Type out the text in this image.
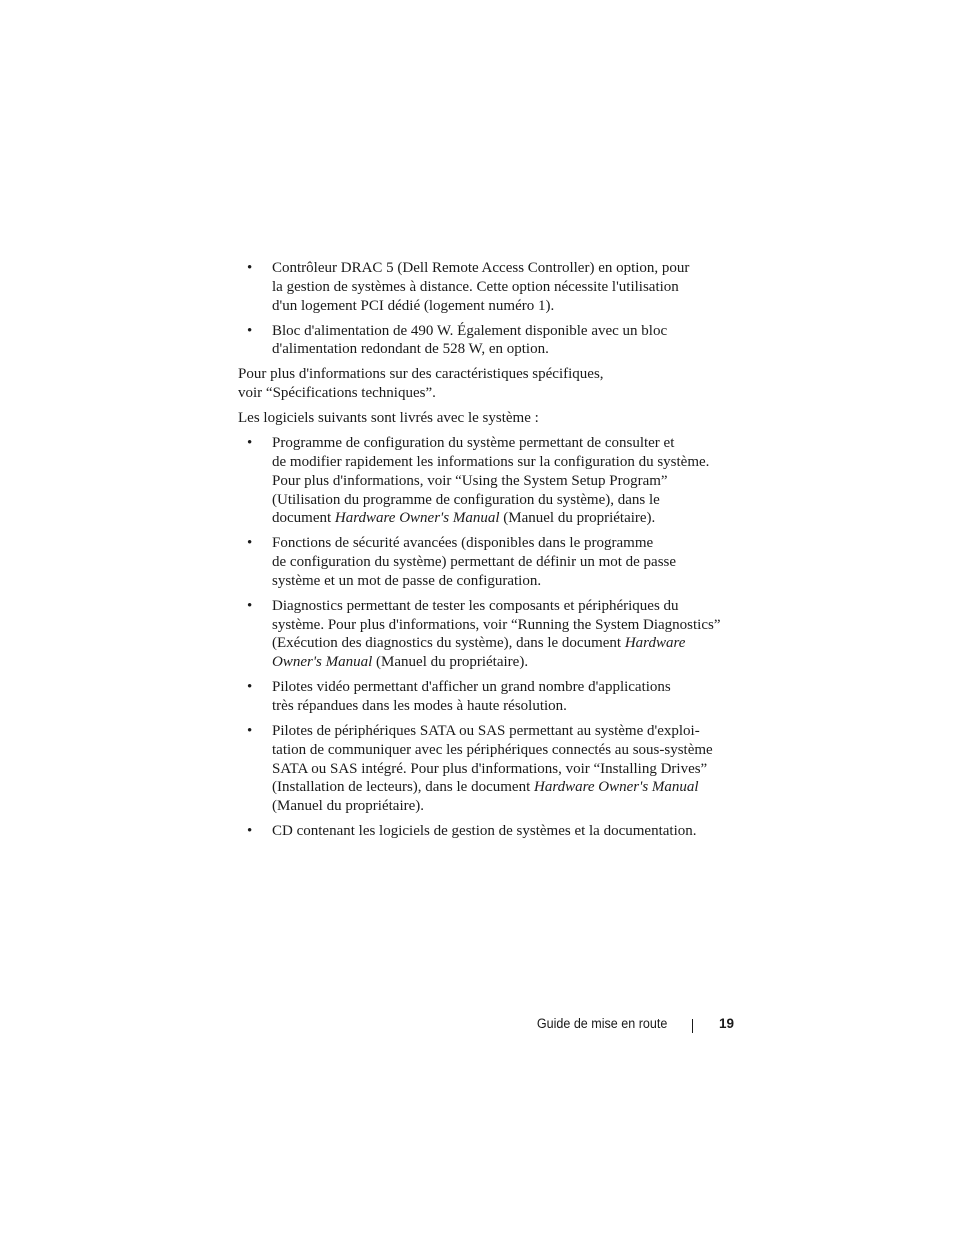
• Contrôleur DRAC 5 (Dell Remote Access Controller) en option, pour
la gestion de systèmes à distance. Cette option nécessite l'utilisation
d'un logement PCI dédié (logement numéro 1).
• Bloc d'alimentation de 490 W. Également disponible avec un bloc
d'alimentation redondant de 528 W, en option.

Pour plus d'informations sur des caractéristiques spécifiques,
voir “Spécifications techniques”.

Les logiciels suivants sont livrés avec le système :

• Programme de configuration du système permettant de consulter et
de modifier rapidement les informations sur la configuration du système.
Pour plus d'informations, voir “Using the System Setup Program”
(Utilisation du programme de configuration du système), dans le
document Hardware Owner's Manual (Manuel du propriétaire).
• Fonctions de sécurité avancées (disponibles dans le programme
de configuration du système) permettant de définir un mot de passe
système et un mot de passe de configuration.
• Diagnostics permettant de tester les composants et périphériques du
système. Pour plus d'informations, voir “Running the System Diagnostics”
(Exécution des diagnostics du système), dans le document Hardware
Owner's Manual (Manuel du propriétaire).
• Pilotes vidéo permettant d'afficher un grand nombre d'applications
très répandues dans les modes à haute résolution.
• Pilotes de périphériques SATA ou SAS permettant au système d'exploi-
tation de communiquer avec les périphériques connectés au sous-système
SATA ou SAS intégré. Pour plus d'informations, voir “Installing Drives”
(Installation de lecteurs), dans le document Hardware Owner's Manual
(Manuel du propriétaire).
• CD contenant les logiciels de gestion de systèmes et la documentation.
Guide de mise en route	19
